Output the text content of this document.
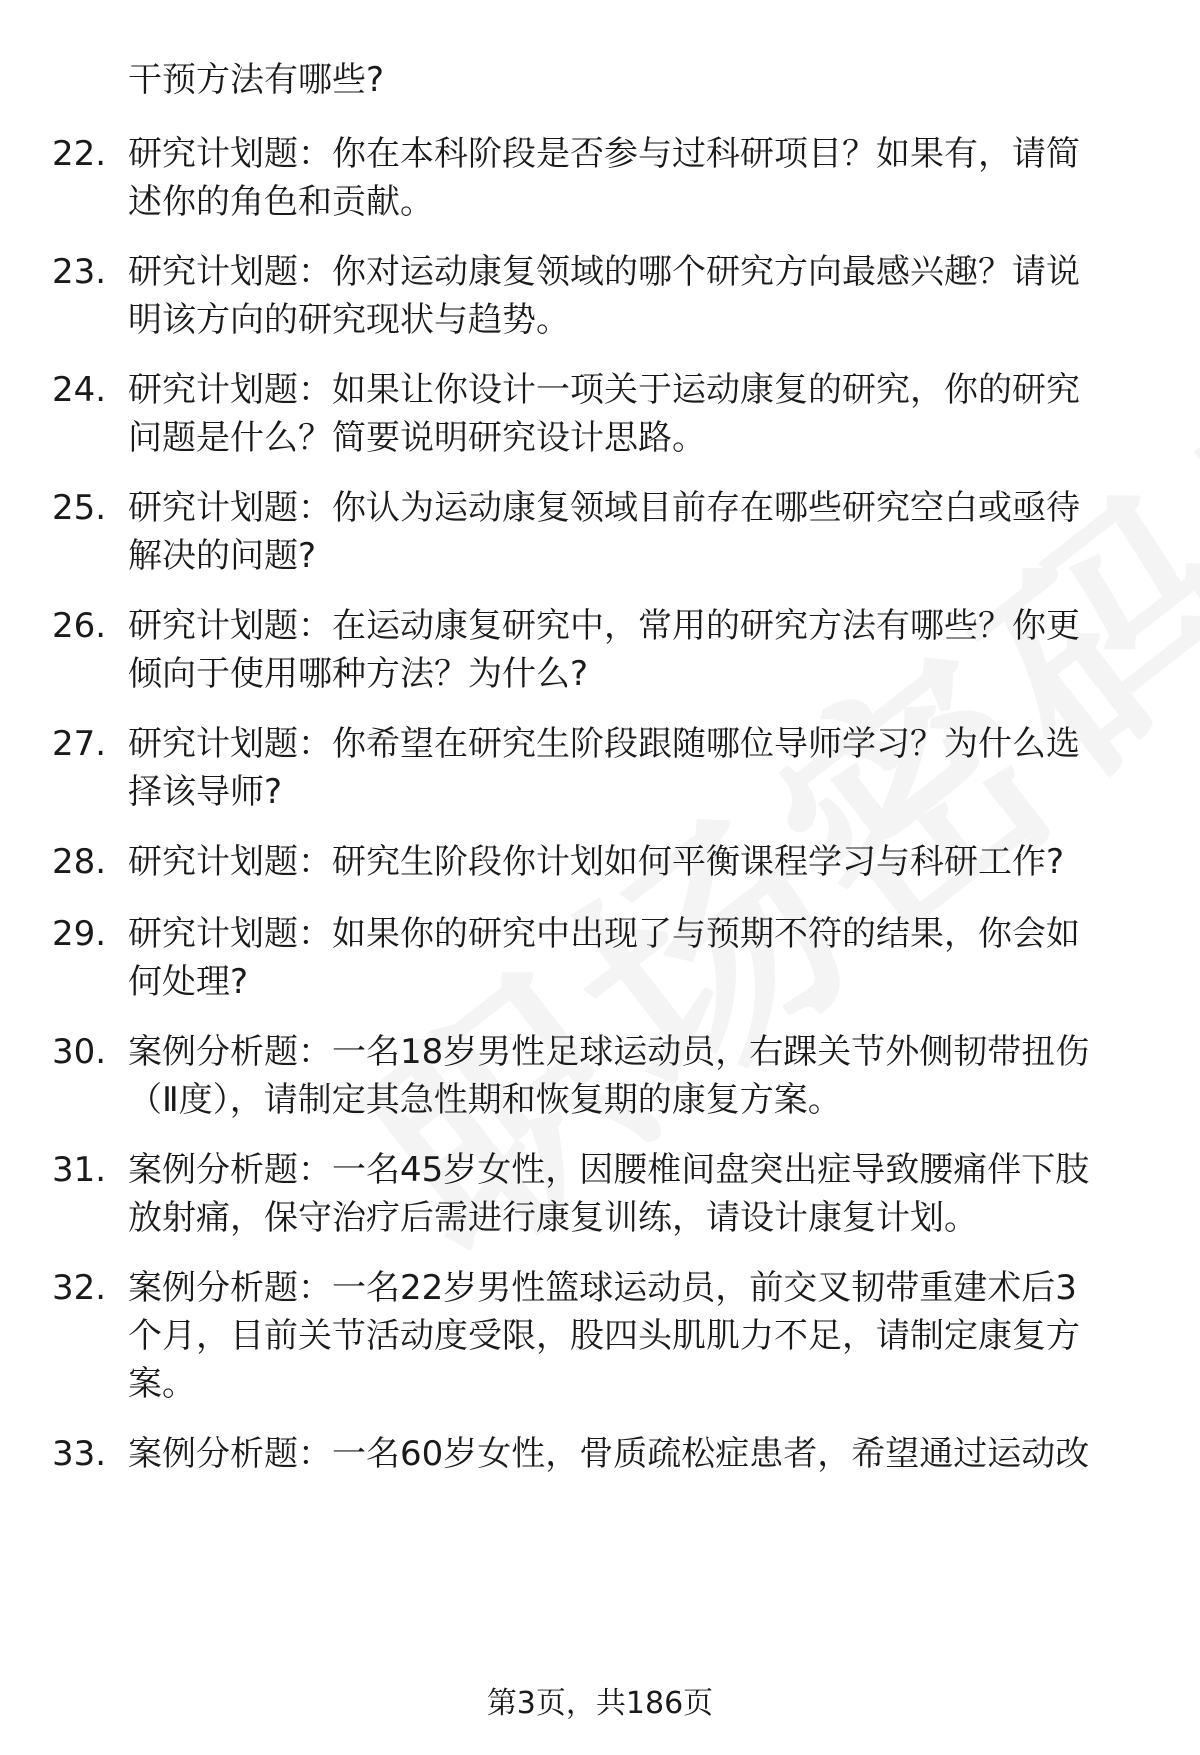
干预方法有哪些?
22. 研究计划题：你在本科阶段是否参与过科研项目？如果有，请简
述你的角色和贡献。
23. 研究计划题：你对运动康复领域的哪个研究方向最感兴趣？请说
明该方向的研究现状与趋势。
24. 研究计划题：如果让你设计一项关于运动康复的研究，你的研究
问题是什么？简要说明研究设计思路。
25. 研究计划题：你认为运动康复领域目前存在哪些研究空白或亟待
解决的问题?
26. 研究计划题：在运动康复研究中，常用的研究方法有哪些？你更
倾向于使用哪种方法？为什么?
27. 研究计划题：你希望在研究生阶段跟随哪位导师学习？为什么选
择该导师?
28. 研究计划题：研究生阶段你计划如何平衡课程学习与科研工作?
29. 研究计划题：如果你的研究中出现了与预期不符的结果，你会如
何处理?
30. 案例分析题：一名18岁男性足球运动员，右踝关节外侧韧带扭伤
（Ⅱ度），请制定其急性期和恢复期的康复方案。
31. 案例分析题：一名45岁女性，因腰椎间盘突出症导致腰痛伴下肢
放射痛，保守治疗后需进行康复训练，请设计康复计划。
32. 案例分析题：一名22岁男性篮球运动员，前交叉韧带重建术后3
个月，目前关节活动度受限，股四头肌肌力不足，请制定康复方
案。
33. 案例分析题：一名60岁女性，骨质疏松症患者，希望通过运动改
第3页，共186页
